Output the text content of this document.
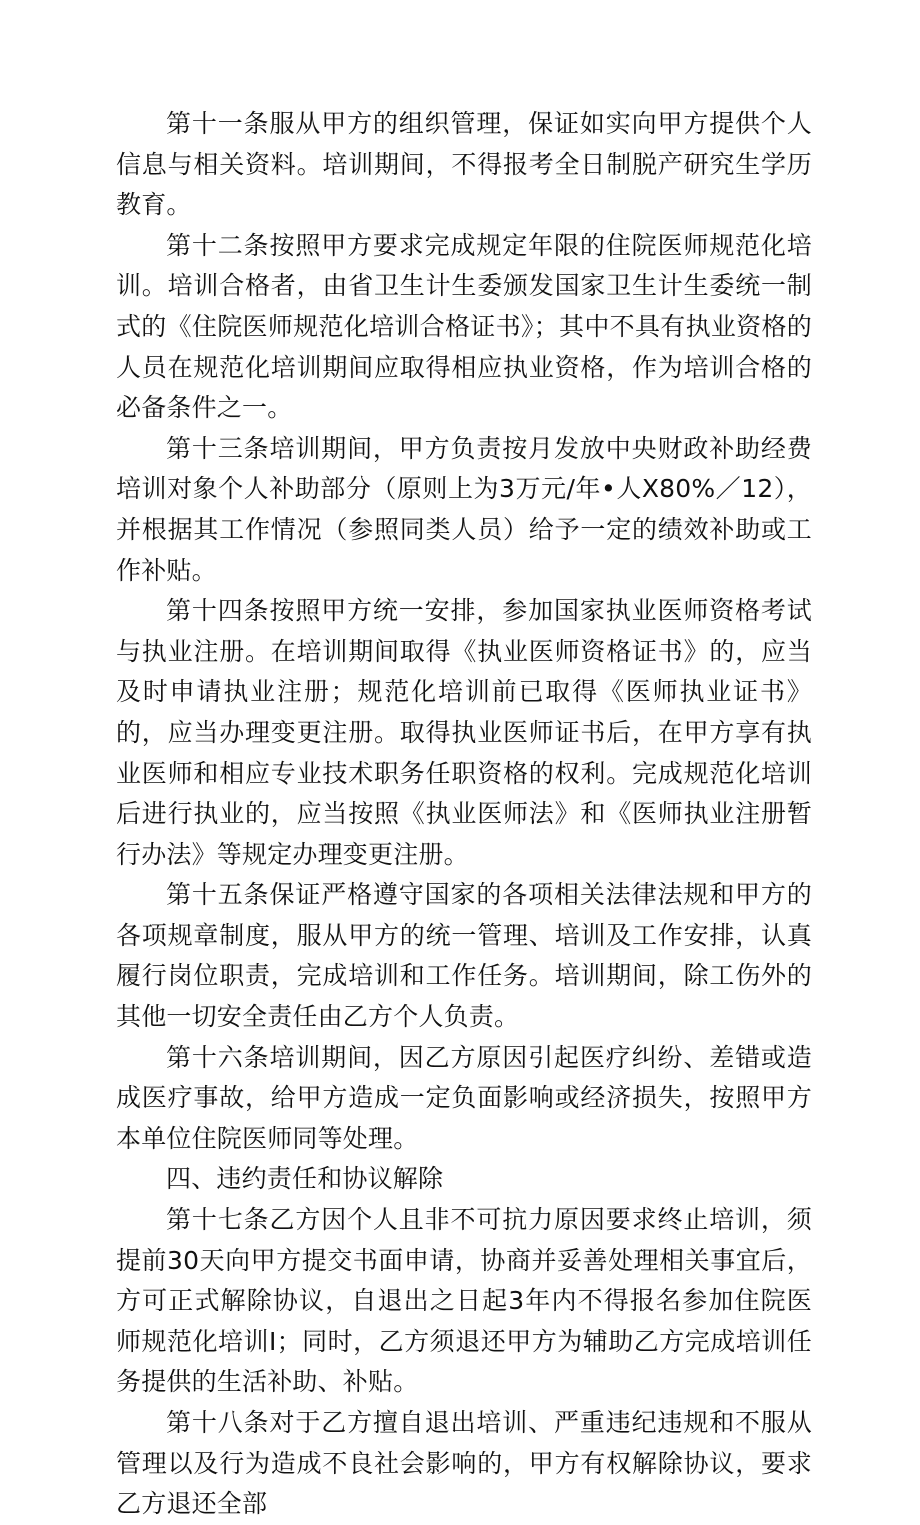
第十一条服从甲方的组织管理，保证如实向甲方提供个人信息与相关资料。培训期间，不得报考全日制脱产研究生学历教育。

第十二条按照甲方要求完成规定年限的住院医师规范化培训。培训合格者，由省卫生计生委颁发国家卫生计生委统一制式的《住院医师规范化培训合格证书》；其中不具有执业资格的人员在规范化培训期间应取得相应执业资格，作为培训合格的必备条件之一。

第十三条培训期间，甲方负责按月发放中央财政补助经费培训对象个人补助部分（原则上为3万元/年•人X80%／12），并根据其工作情况（参照同类人员）给予一定的绩效补助或工作补贴。

第十四条按照甲方统一安排，参加国家执业医师资格考试与执业注册。在培训期间取得《执业医师资格证书》的，应当及时申请执业注册；规范化培训前已取得《医师执业证书》的，应当办理变更注册。取得执业医师证书后，在甲方享有执业医师和相应专业技术职务任职资格的权利。完成规范化培训后进行执业的，应当按照《执业医师法》和《医师执业注册暂行办法》等规定办理变更注册。

第十五条保证严格遵守国家的各项相关法律法规和甲方的各项规章制度，服从甲方的统一管理、培训及工作安排，认真履行岗位职责，完成培训和工作任务。培训期间，除工伤外的其他一切安全责任由乙方个人负责。

第十六条培训期间，因乙方原因引起医疗纠纷、差错或造成医疗事故，给甲方造成一定负面影响或经济损失，按照甲方本单位住院医师同等处理。

四、违约责任和协议解除

第十七条乙方因个人且非不可抗力原因要求终止培训，须提前30天向甲方提交书面申请，协商并妥善处理相关事宜后，方可正式解除协议，自退出之日起3年内不得报名参加住院医师规范化培训I；同时，乙方须退还甲方为辅助乙方完成培训任务提供的生活补助、补贴。

第十八条对于乙方擅自退出培训、严重违纪违规和不服从管理以及行为造成不良社会影响的，甲方有权解除协议，要求乙方退还全部
